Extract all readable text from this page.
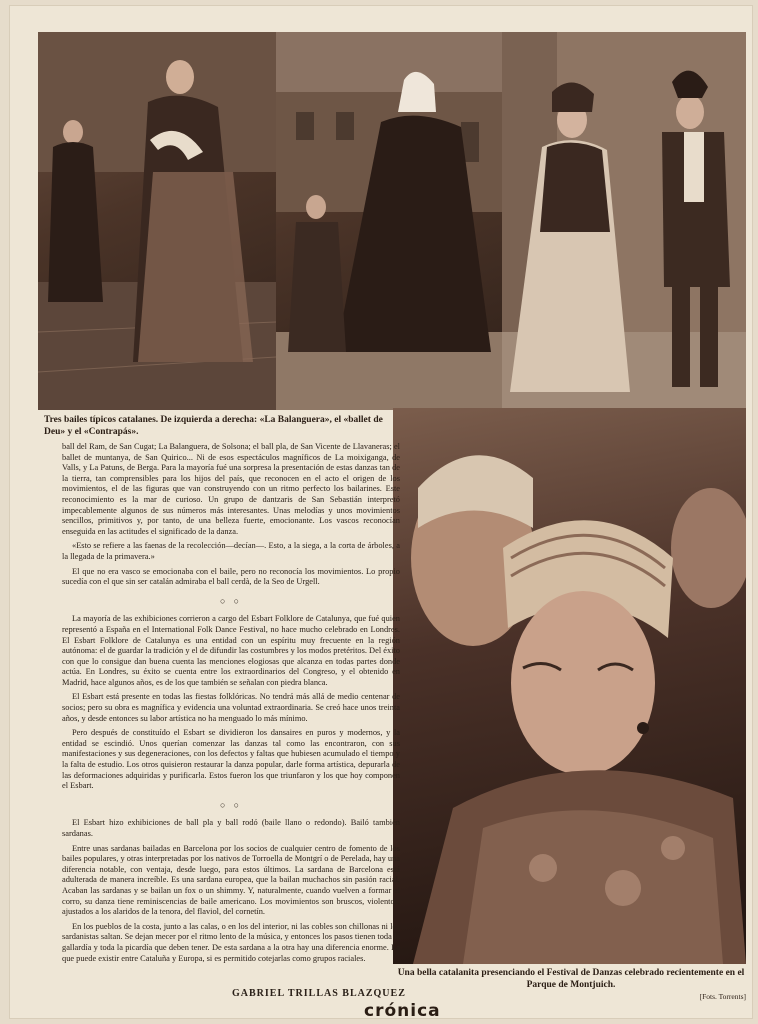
Tres bailes típicos catalanes. De izquierda a derecha: «La Balanguera», el «ballet de Deu» y el «Contrapás».
Una bella catalanita presenciando el Festival de Danzas celebrado recientemente en el Parque de Montjuich.
[Fots. Torrents]

ball del Ram, de San Cugat; La Balanguera, de Solsona; el ball pla, de San Vicente de Llavaneras; el ballet de muntanya, de San Quirico... Ni de esos espectáculos magníficos de La moixiganga, de Valls, y La Patuns, de Berga. Para la mayoría fué una sorpresa la presentación de estas danzas tan de la tierra, tan comprensibles para los hijos del país, que reconocen en el acto el origen de los movimientos, el de las figuras que van construyendo con un ritmo perfecto los bailarines. Este reconocimiento es la mar de curioso. Un grupo de dantzaris de San Sebastián interpretó impecablemente algunos de sus números más interesantes. Unas melodías y unos movimientos sencillos, primitivos y, por tanto, de una belleza fuerte, emocionante. Los vascos reconocían enseguida en las actitudes el significado de la danza.

«Esto se refiere a las faenas de la recolección—decían—. Esto, a la siega, a la corta de árboles, a la llegada de la primavera.»

El que no era vasco se emocionaba con el baile, pero no reconocía los movimientos. Lo propio sucedía con el que sin ser catalán admiraba el ball cerdà, de la Seo de Urgell.

○ ○

La mayoría de las exhibiciones corrieron a cargo del Esbart Folklore de Catalunya, que fué quien representó a España en el International Folk Dance Festival, no hace mucho celebrado en Londres. El Esbart Folklore de Catalunya es una entidad con un espíritu muy frecuente en la región autónoma: el de guardar la tradición y el de difundir las costumbres y los modos pretéritos. Del éxito con que lo consigue dan buena cuenta las menciones elogiosas que alcanza en todas partes donde actúa. En Londres, su éxito se cuenta entre los extraordinarios del Congreso, y el obtenido en Madrid, hace algunos años, es de los que también se señalan con piedra blanca.

El Esbart está presente en todas las fiestas folklóricas. No tendrá más allá de medio centenar de socios; pero su obra es magnífica y evidencia una voluntad extraordinaria. Se creó hace unos treinta años, y desde entonces su labor artística no ha menguado lo más mínimo.

Pero después de constituído el Esbart se dividieron los dansaires en puros y modernos, y la entidad se escindió. Unos querían comenzar las danzas tal como las encontraron, con sus manifestaciones y sus degeneraciones, con los defectos y faltas que hubiesen acumulado el tiempo y la falta de estudio. Los otros quisieron restaurar la danza popular, darle forma artística, depurarla de las deformaciones adquiridas y purificarla. Estos fueron los que triunfaron y los que hoy componen el Esbart.

○ ○

El Esbart hizo exhibiciones de ball pla y ball rodó (baile llano o redondo). Bailó también sardanas.

Entre unas sardanas bailadas en Barcelona por los socios de cualquier centro de fomento de los bailes populares, y otras interpretadas por los nativos de Torroella de Montgrí o de Perelada, hay una diferencia notable, con ventaja, desde luego, para estos últimos. La sardana de Barcelona está adulterada de manera increíble. Es una sardana europea, que la bailan muchachos sin pasión racial. Acaban las sardanas y se bailan un fox o un shimmy. Y, naturalmente, cuando vuelven a formar el corro, su danza tiene reminiscencias de baile americano. Los movimientos son bruscos, violentos, ajustados a los alaridos de la tenora, del flaviol, del cornetín.

En los pueblos de la costa, junto a las calas, o en los del interior, ni las cobles son chillonas ni los sardanistas saltan. Se dejan mecer por el ritmo lento de la música, y entonces los pasos tienen toda la gallardía y toda la picardía que deben tener. De esta sardana a la otra hay una diferencia enorme. La que puede existir entre Cataluña y Europa, si es permitido cotejarlas como grupos raciales.

GABRIEL TRILLAS BLAZQUEZ
crónica
